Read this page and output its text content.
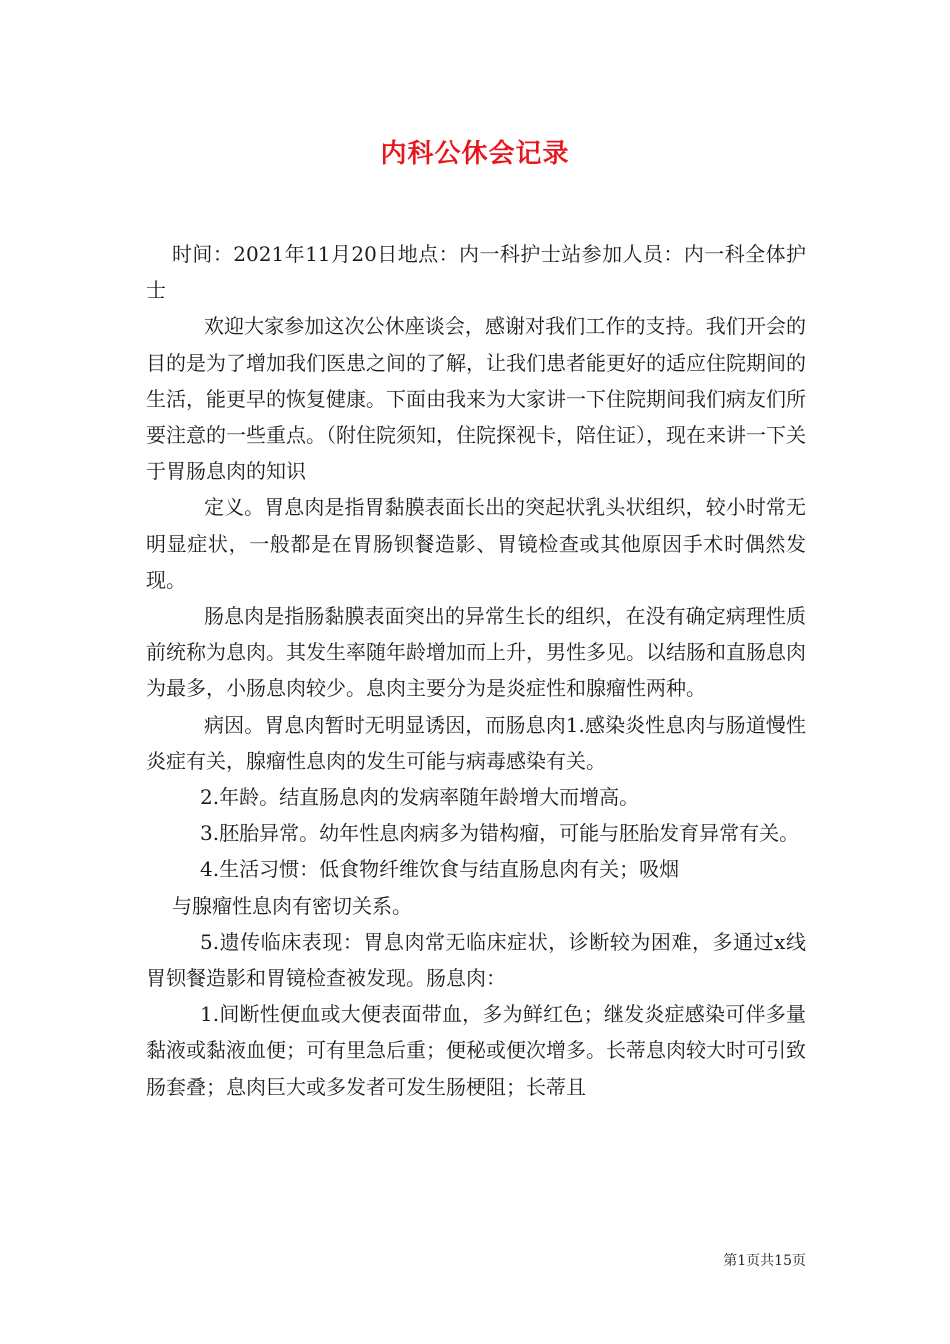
内科公休会记录

时间：2021年11月20日地点：内一科护士站参加人员：内一科全体护士

欢迎大家参加这次公休座谈会，感谢对我们工作的支持。我们开会的目的是为了增加我们医患之间的了解，让我们患者能更好的适应住院期间的生活，能更早的恢复健康。下面由我来为大家讲一下住院期间我们病友们所要注意的一些重点。（附住院须知，住院探视卡，陪住证），现在来讲一下关于胃肠息肉的知识

定义。胃息肉是指胃黏膜表面长出的突起状乳头状组织，较小时常无明显症状，一般都是在胃肠钡餐造影、胃镜检查或其他原因手术时偶然发现。

肠息肉是指肠黏膜表面突出的异常生长的组织，在没有确定病理性质前统称为息肉。其发生率随年龄增加而上升，男性多见。以结肠和直肠息肉为最多，小肠息肉较少。息肉主要分为是炎症性和腺瘤性两种。

病因。胃息肉暂时无明显诱因，而肠息肉1.感染炎性息肉与肠道慢性炎症有关，腺瘤性息肉的发生可能与病毒感染有关。

2.年龄。结直肠息肉的发病率随年龄增大而增高。

3.胚胎异常。幼年性息肉病多为错构瘤，可能与胚胎发育异常有关。

4.生活习惯：低食物纤维饮食与结直肠息肉有关；吸烟

与腺瘤性息肉有密切关系。

5.遗传临床表现：胃息肉常无临床症状，诊断较为困难，多通过x线胃钡餐造影和胃镜检查被发现。肠息肉：

1.间断性便血或大便表面带血，多为鲜红色；继发炎症感染可伴多量黏液或黏液血便；可有里急后重；便秘或便次增多。长蒂息肉较大时可引致肠套叠；息肉巨大或多发者可发生肠梗阻；长蒂且

第1页共15页
